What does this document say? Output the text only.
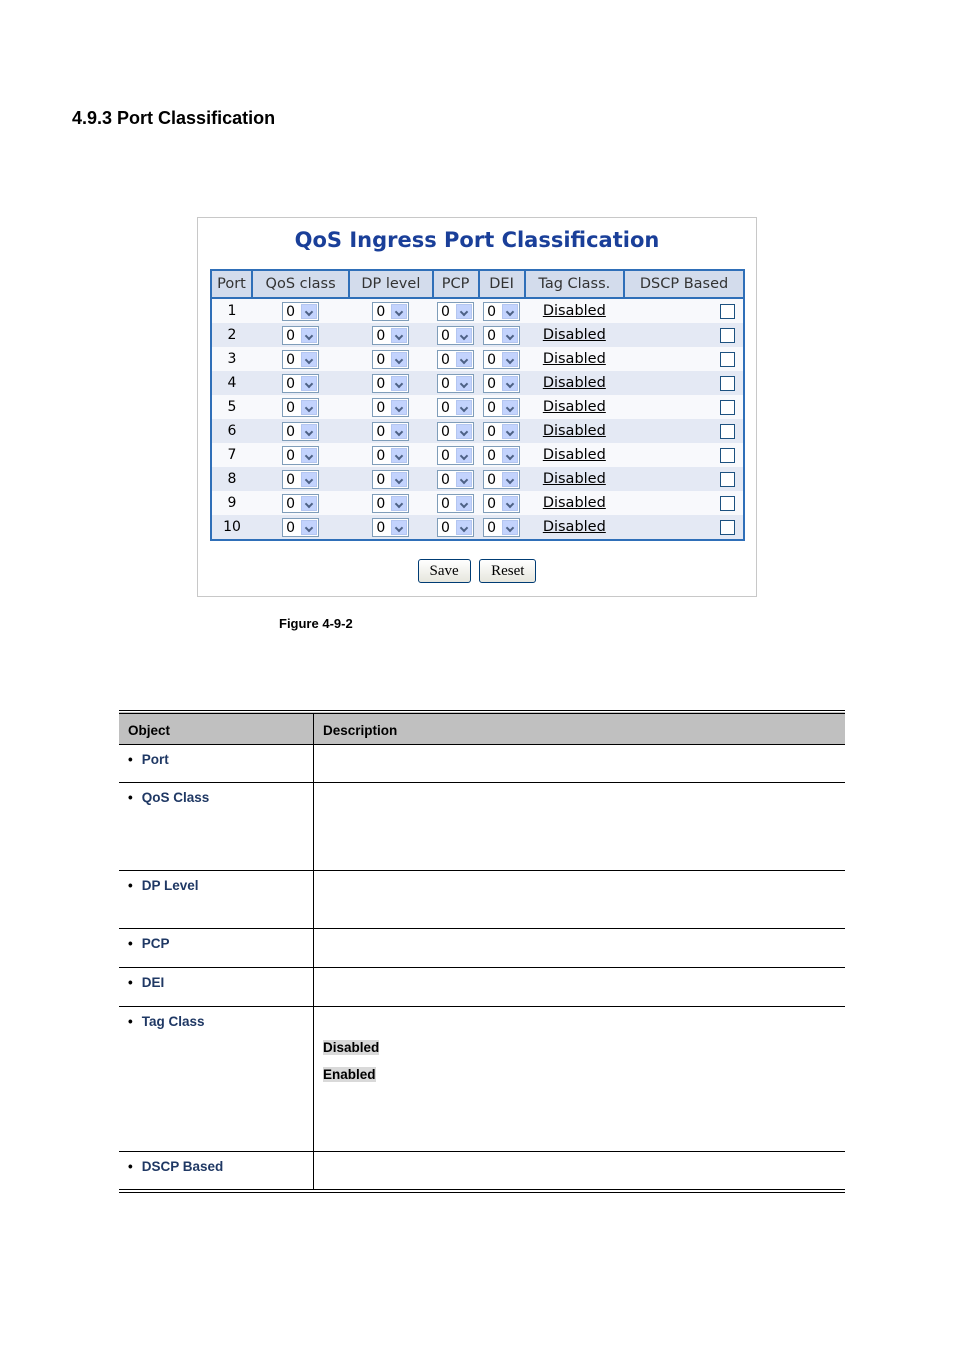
4.9.3 Port Classification
QoS Ingress Port Classification
Port	QoS class	DP level	PCP	DEI	Tag Class.	DSCP Based
1	0	0	0	0	Disabled	
2	0	0	0	0	Disabled	
3	0	0	0	0	Disabled	
4	0	0	0	0	Disabled	
5	0	0	0	0	Disabled	
6	0	0	0	0	Disabled	
7	0	0	0	0	Disabled	
8	0	0	0	0	Disabled	
9	0	0	0	0	Disabled	
10	0	0	0	0	Disabled	
Save Reset
Figure 4-9-2
Object	Description
• Port	
• QoS Class	
• DP Level	
• PCP	
• DEI	
• Tag Class	Disabled
Enabled

• DSCP Based	
